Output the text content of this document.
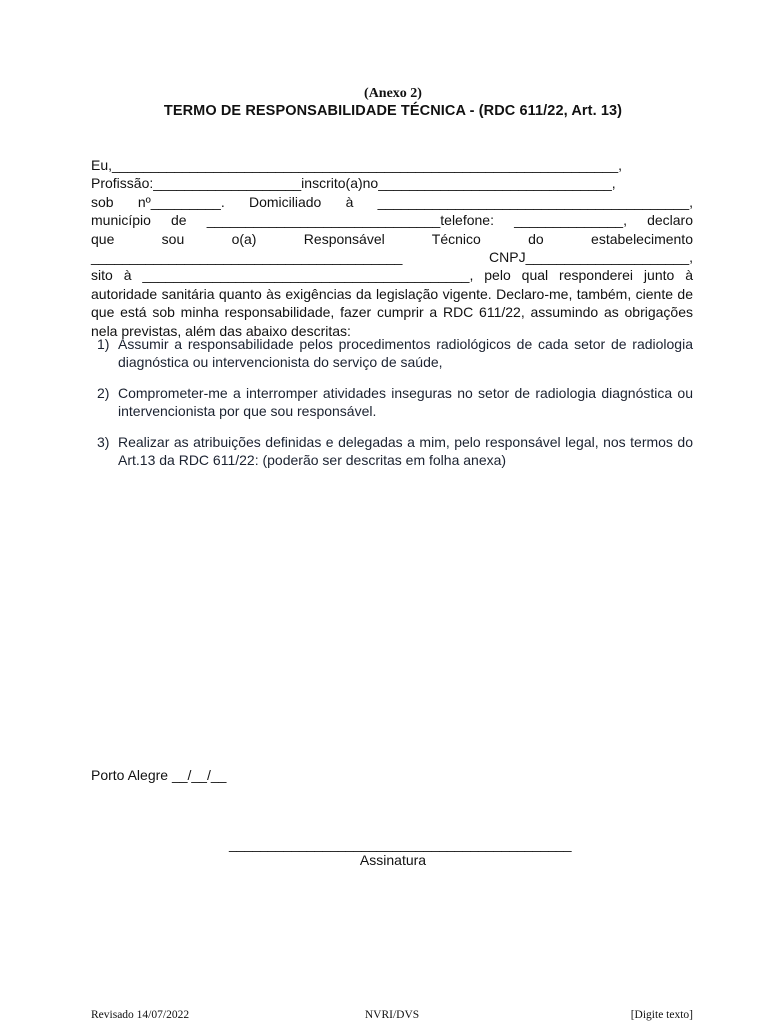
(Anexo 2)
TERMO DE RESPONSABILIDADE TÉCNICA - (RDC 611/22, Art. 13)
Eu,_________________________________________________________________,
Profissão:___________________inscrito(a)no______________________________,
sob nº_________. Domiciliado à ________________________________________,
município de ______________________________telefone: ______________, declaro
que sou o(a) Responsável Técnico do estabelecimento
________________________________________ CNPJ_____________________,
sito à __________________________________________, pelo qual responderei junto à
autoridade sanitária quanto às exigências da legislação vigente. Declaro-me, também, ciente de que está sob minha responsabilidade, fazer cumprir a RDC 611/22, assumindo as obrigações nela previstas, além das abaixo descritas:
1) Assumir a responsabilidade pelos procedimentos radiológicos de cada setor de radiologia diagnóstica ou intervencionista do serviço de saúde,
2) Comprometer-me a interromper atividades inseguras no setor de radiologia diagnóstica ou intervencionista por que sou responsável.
3) Realizar as atribuições definidas e delegadas a mim, pelo responsável legal, nos termos do Art.13 da RDC 611/22: (poderão ser descritas em folha anexa)
Porto Alegre __/__/__
____________________________________________
Assinatura
Revisado 14/07/2022	NVRI/DVS	[Digite texto]
